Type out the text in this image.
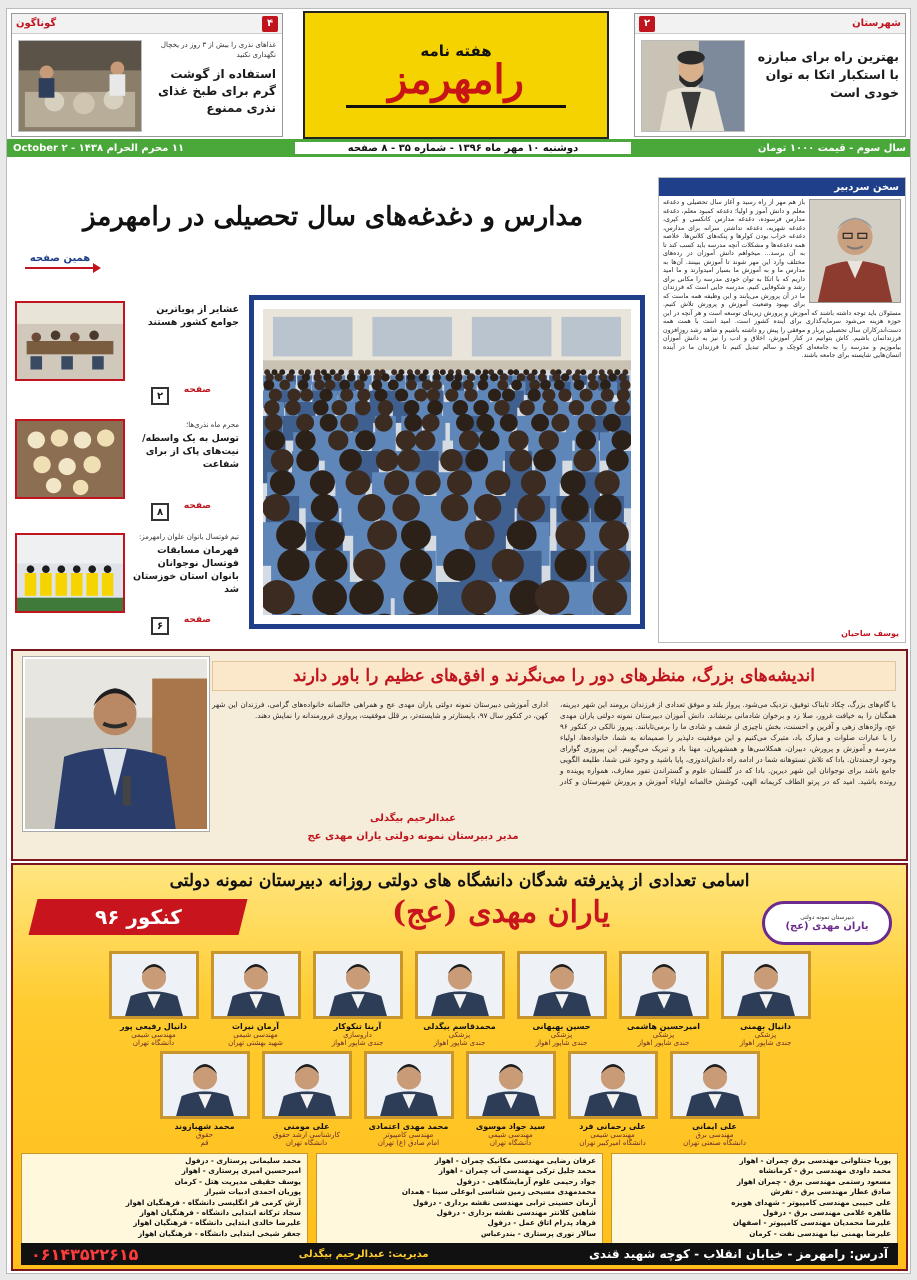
شهرستان
۲
بهترین راه برای مبارزه با استکبار اتکا به توان خودی است
هفته نامه
رامهرمز
۴
گوناگون
غذاهای نذری را بیش از ۳ روز در یخچال نگهداری نکنید
استفاده از گوشت گرم برای طبخ غذای نذری ممنوع
سال سوم - قیمت ۱۰۰۰ تومان
دوشنبه ۱۰ مهر ماه ۱۳۹۶ - شماره ۳۵ - ۸ صفحه
۱۱ محرم الحرام ۱۴۳۸ - ۲ October
سخن سردبیر
باز هم مهر از راه رسید و آغاز سال تحصیلی و دغدغه معلم و دانش آموز و اولیا؛ دغدغه کمبود معلم، دغدغه مدارس فرسوده، دغدغه مدارس کانکسی و کپری، دغدغه شهریه، دغدغه نداشتن سرانه برای مدارس، دغدغه خراب بودن کولرها و پنکه‌های کلاس‌ها. خلاصه همه دغدغه‌ها و مشکلات آنچه مدرسه باید کسب کند تا به آن برسد... میخواهم دانش آموزان در رده‌های مختلف وارد این مهر شوند تا آموزش ببینند. آن‌ها به مدارس ما و به آموزش ما بسیار امیدوارند و ما امید داریم که با اتکا به توان خودی مدرسه را مکانی برای رشد و شکوفایی کنیم. مدرسه جایی است که فرزندان ما در آن پرورش می‌یابند و این وظیفه همه ماست که برای بهبود وضعیت آموزش و پرورش تلاش کنیم. مسئولان باید توجه داشته باشند که آموزش و پرورش زیربنای توسعه است و هر آنچه در این حوزه هزینه می‌شود سرمایه‌گذاری برای آینده کشور است. امید است با همت همه دست‌اندرکاران سال تحصیلی پربار و موفقی را پیش رو داشته باشیم و شاهد رشد روزافزون فرزندانمان باشیم. کاش بتوانیم در کنار آموزش، اخلاق و ادب را نیز به دانش آموزان بیاموزیم و مدرسه را به جامعه‌ای کوچک و سالم تبدیل کنیم تا فرزندان ما در آینده انسان‌هایی شایسته برای جامعه باشند.
یوسف ساحیان
مدارس و دغدغه‌های سال تحصیلی در رامهرمز
همین صفحه
عشایر از پویاترین جوامع کشور هستند
صفحه
۲
محرم ماه نذری‌ها؛
توسل به یک واسطه/ نیت‌های پاک از برای شفاعت
صفحه
۸
تیم فوتسال بانوان علوان رامهرمز:
قهرمان مسابقات فوتسال نوجوانان بانوان استان خوزستان شد
صفحه
۶
اندیشه‌های بزرگ، منظرهای دور را می‌نگرند و افق‌های عظیم را باور دارند
با گام‌های بزرگ، چکاد تابناک توفیق، نزدیک می‌شود. پرواز بلند و موفق تعدادی از فرزندان برومند این شهر دیرینه، همگنان را به خیافت غرور، صلا زد و برخوان شادمانی برنشاند. دانش آموزان دبیرستان نمونه دولتی یاران مهدی عج، واژه‌های زهی و آفرین و احسنت، بخش ناچیزی از شعف و شادی ما را برمی‌تابانند. پیروز نالکی در کنکور ۹۶ را با عبارات صلوات و مبارک باد، متبرک می‌کنیم و این موفقیت دلپذیر را صمیمانه به شما، خانواده‌ها، اولیاء مدرسه و آموزش و پرورش، دبیران، همکلاسی‌ها و همشهریان، مهنا باد و تبریک می‌گوییم. این پیروزی گوارای وجود ارجمندتان. بادا که تلاش نستوهانه شما در ادامه راه دانش‌اندوزی، پایا باشید و وجود غنی شما، طلیعه الگویی جامع باشد برای نوجوانان این شهر دیرین. بادا که در گلستان علوم و گستراندن تفور معارف، همواره پوینده و رونده باشید. امید که در پرتو الطاف کریمانه الهی، کوشش خالصانه اولیاء آموزش و پرورش شهرستان و کادر اداری آموزشی دبیرستان نمونه دولتی یاران مهدی عج و همراهی خالصانه خانواده‌های گرامی، فرزندان این شهر کهن، در کنکور سال ۹۷، بایستارتر و شایسته‌تر، بر قلل موفقیت، پروازی غرورمندانه را نمایش دهند.
عبدالرحیم بیگدلی
مدیر دبیرستان نمونه دولتی یاران مهدی عج
اسامی تعدادی از پذیرفته شدگان دانشگاه های دولتی روزانه دبیرستان نمونه دولتی
کنکور ۹۶	یاران مهدی (عج)	دبیرستان نمونه دولتی
یاران مهدی (عج)
دانیال بهمنی
پزشکی
جندی شاپور اهواز
امیرحسین هاشمی
پزشکی
جندی شاپور اهواز
حسین بهبهانی
پزشکی
جندی شاپور اهواز
محمدقاسم بیگدلی
پزشکی
جندی شاپور اهواز
آرینا تنکوکار
داروسازی
جندی شاپور اهواز
آرمان نیرات
مهندسی شیمی
شهید بهشتی تهران
دانیال رفیعی پور
مهندسی شیمی
دانشگاه تهران
علی ایمانی
مهندسی برق
دانشگاه صنعتی تهران
علی رحمانی فرد
مهندسی شیمی
دانشگاه امیرکبیر تهران
سید جواد موسوی
مهندسی شیمی
دانشگاه تهران
محمد مهدی اعتمادی
مهندسی کامپیوتر
امام صادق (ع) تهران
علی مومنی
کارشناسی ارشد حقوق
دانشگاه تهران
محمد شهبازوند
حقوق
قم
پوریا جنتلوانی مهندسی برق چمران - اهواز
محمد داودی مهندسی برق - کرمانشاه
مسعود رستمی مهندسی برق - چمران اهواز
صادق عطار مهندسی برق - تفرش
علی حبیبی مهندسی کامپیوتر - شهدای هویزه
طاهره غلامی مهندسی برق - دزفول
علیرضا محمدیان مهندسی کامپیوتر - اصفهان
علیرضا بهمنی نیا مهندسی نفت - کرمان
عرفان رضایی مهندسی مکانیک چمران - اهواز
محمد جلیل ترکی مهندسی آب چمران - اهواز
جواد رحیمی علوم آزمایشگاهی - دزفول
محمدمهدی مسیحی زمین شناسی ابوعلی سینا - همدان
آرمان حسینی ترابی مهندسی نقشه برداری - دزفول
شاهین کلانتر مهندسی نقشه برداری - دزفول
فرهاد پدرام اتاق عمل - دزفول
سالار نوری پرستاری - بندرعباس
محمد سلیمانی پرستاری - دزفول
امیرحسین امیری پرستاری - اهواز
یوسف حقیقی مدیریت هتل - کرمان
پوریان احمدی ادبیات شیراز
آرش کرمی فر انگلیسی دانشگاه - فرهنگیان اهواز
سجاد ترکانه ابتدایی دانشگاه - فرهنگیان اهواز
علیرضا خالدی ابتدایی دانشگاه - فرهنگیان اهواز
جعفر شیخی ابتدایی دانشگاه - فرهنگیان اهواز
آدرس: رامهرمز - خیابان انقلاب - کوچه شهید قندی
مدیریت: عبدالرحیم بیگدلی
۰۶۱۴۳۵۲۲۶۱۵
